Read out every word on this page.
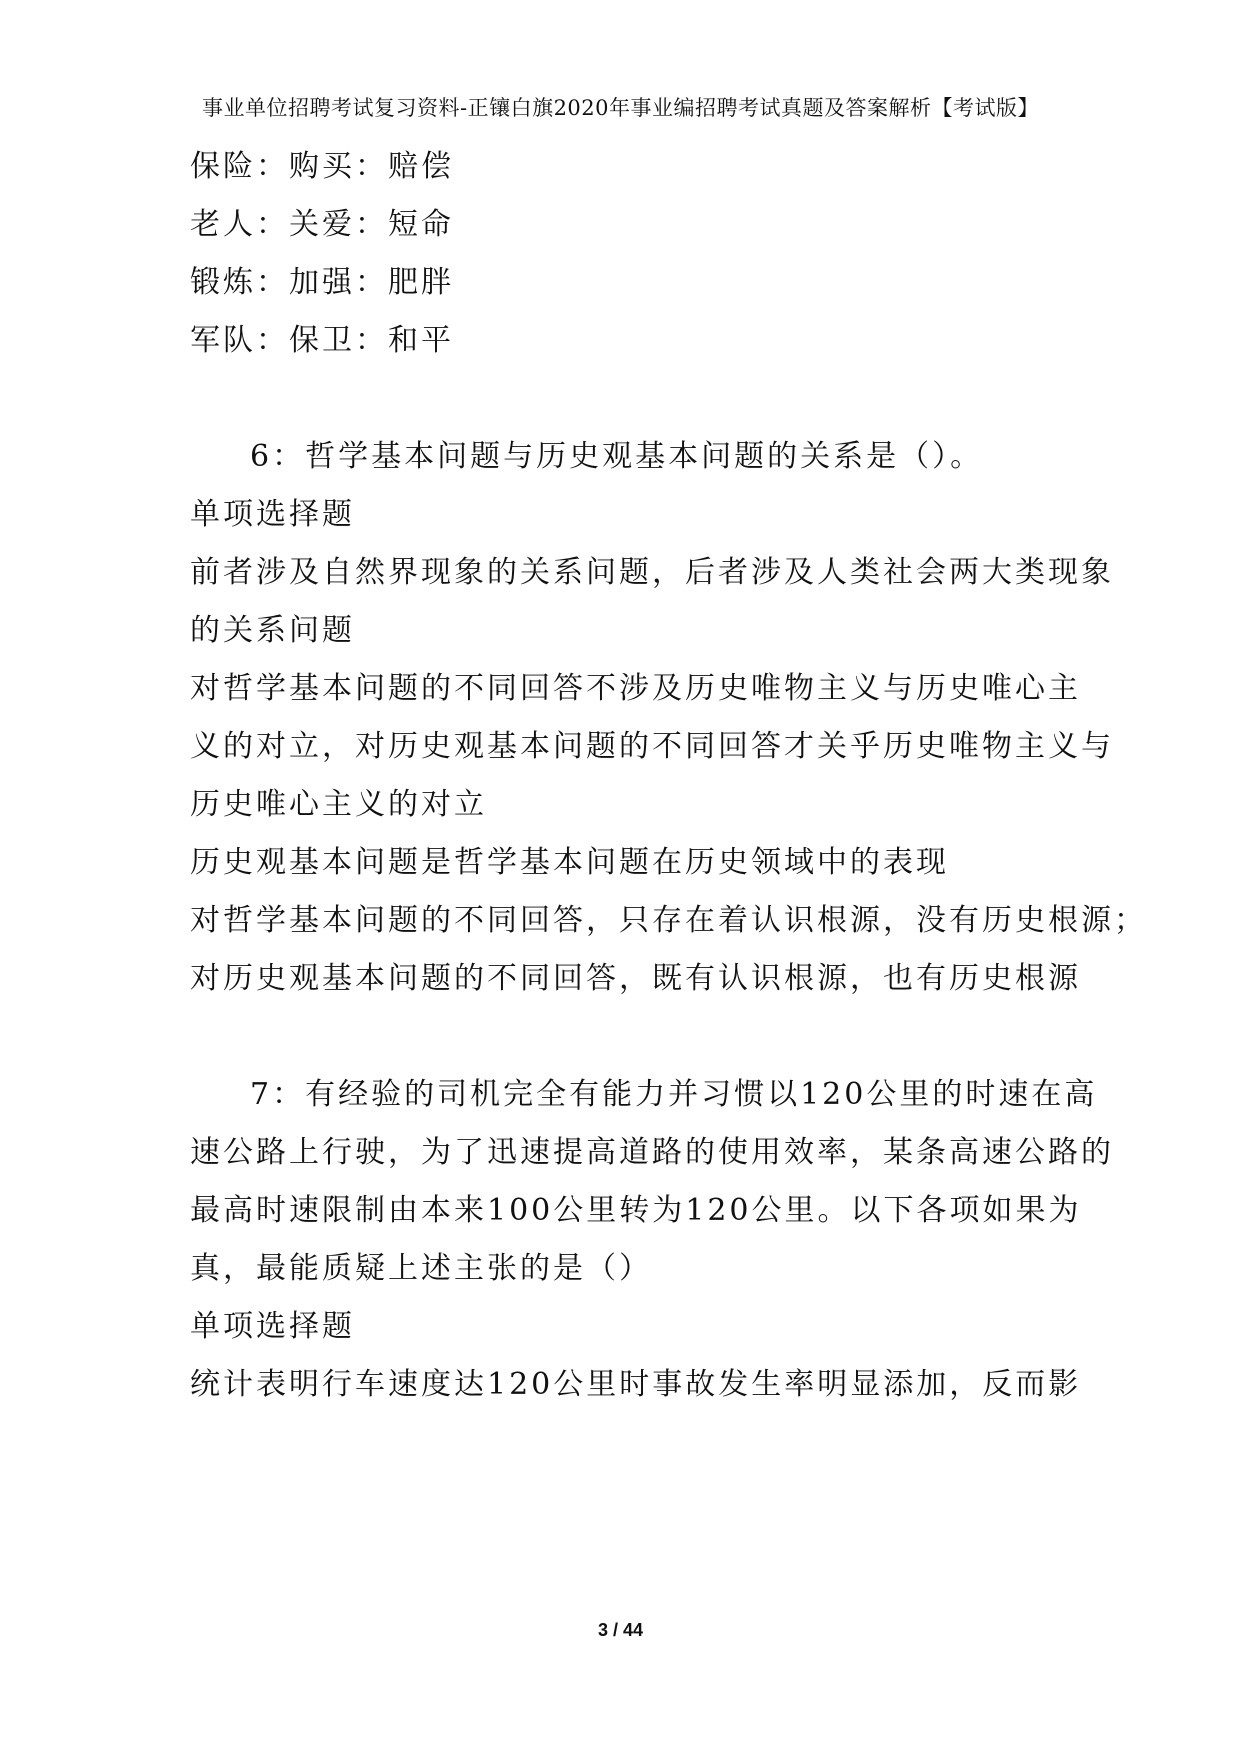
事业单位招聘考试复习资料-正镶白旗2020年事业编招聘考试真题及答案解析【考试版】
保险：购买：赔偿
老人：关爱：短命
锻炼：加强：肥胖
军队：保卫：和平
6：哲学基本问题与历史观基本问题的关系是（）。
单项选择题
前者涉及自然界现象的关系问题，后者涉及人类社会两大类现象
的关系问题
对哲学基本问题的不同回答不涉及历史唯物主义与历史唯心主
义的对立，对历史观基本问题的不同回答才关乎历史唯物主义与
历史唯心主义的对立
历史观基本问题是哲学基本问题在历史领域中的表现
对哲学基本问题的不同回答，只存在着认识根源，没有历史根源；
对历史观基本问题的不同回答，既有认识根源，也有历史根源
7：有经验的司机完全有能力并习惯以120公里的时速在高
速公路上行驶，为了迅速提高道路的使用效率，某条高速公路的
最高时速限制由本来100公里转为120公里。以下各项如果为
真，最能质疑上述主张的是（）
单项选择题
统计表明行车速度达120公里时事故发生率明显添加，反而影
3 / 44
